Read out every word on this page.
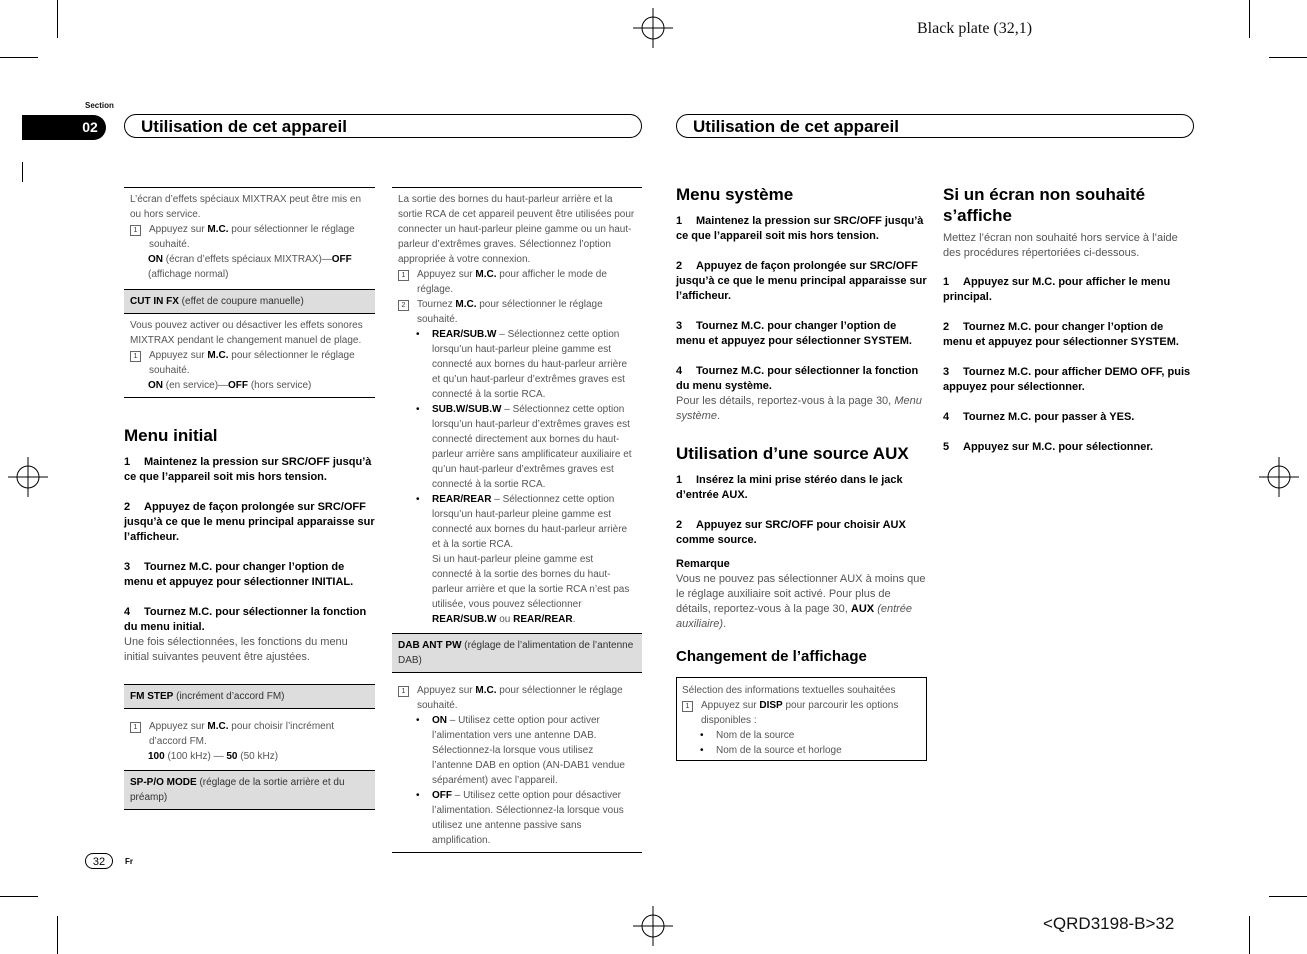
Black plate (32,1)
Section
02	Utilisation de cet appareil	Utilisation de cet appareil

L’écran d’effets spéciaux MIXTRAX peut être mis en ou hors service.

1	Appuyez sur M.C. pour sélectionner le réglage souhaité.
ON (écran d’effets spéciaux MIXTRAX)—OFF (affichage normal)
CUT IN FX (effet de coupure manuelle)

Vous pouvez activer ou désactiver les effets sonores MIXTRAX pendant le changement manuel de plage.

1	Appuyez sur M.C. pour sélectionner le réglage souhaité.
ON (en service)—OFF (hors service)
Menu initial
1 Maintenez la pression sur SRC/OFF jusqu’à ce que l’appareil soit mis hors tension.
2 Appuyez de façon prolongée sur SRC/OFF jusqu’à ce que le menu principal apparaisse sur l’afficheur.
3 Tournez M.C. pour changer l’option de menu et appuyez pour sélectionner INITIAL.
4 Tournez M.C. pour sélectionner la fonction du menu initial.

Une fois sélectionnées, les fonctions du menu initial suivantes peuvent être ajustées.

FM STEP (incrément d’accord FM)
1	Appuyez sur M.C. pour choisir l’incrément d’accord FM.
100 (100 kHz) — 50 (50 kHz)
SP-P/O MODE (réglage de la sortie arrière et du préamp)

La sortie des bornes du haut-parleur arrière et la sortie RCA de cet appareil peuvent être utilisées pour connecter un haut-parleur pleine gamme ou un haut-parleur d’extrêmes graves. Sélectionnez l’option appropriée à votre connexion.

1	Appuyez sur M.C. pour afficher le mode de réglage.
2	Tournez M.C. pour sélectionner le réglage souhaité.
•	REAR/SUB.W – Sélectionnez cette option lorsqu’un haut-parleur pleine gamme est connecté aux bornes du haut-parleur arrière et qu’un haut-parleur d’extrêmes graves est connecté à la sortie RCA.
•	SUB.W/SUB.W – Sélectionnez cette option lorsqu’un haut-parleur d’extrêmes graves est connecté directement aux bornes du haut-parleur arrière sans amplificateur auxiliaire et qu’un haut-parleur d’extrêmes graves est connecté à la sortie RCA.
•	REAR/REAR – Sélectionnez cette option lorsqu’un haut-parleur pleine gamme est connecté aux bornes du haut-parleur arrière et à la sortie RCA.
Si un haut-parleur pleine gamme est connecté à la sortie des bornes du haut-parleur arrière et que la sortie RCA n’est pas utilisée, vous pouvez sélectionner REAR/SUB.W ou REAR/REAR.
DAB ANT PW (réglage de l’alimentation de l’antenne DAB)
1	Appuyez sur M.C. pour sélectionner le réglage souhaité.
•	ON – Utilisez cette option pour activer l’alimentation vers une antenne DAB. Sélectionnez-la lorsque vous utilisez l’antenne DAB en option (AN-DAB1 vendue séparément) avec l’appareil.
•	OFF – Utilisez cette option pour désactiver l’alimentation. Sélectionnez-la lorsque vous utilisez une antenne passive sans amplification.
Menu système
1 Maintenez la pression sur SRC/OFF jusqu’à ce que l’appareil soit mis hors tension.
2 Appuyez de façon prolongée sur SRC/OFF jusqu’à ce que le menu principal apparaisse sur l’afficheur.
3 Tournez M.C. pour changer l’option de menu et appuyez pour sélectionner SYSTEM.
4 Tournez M.C. pour sélectionner la fonction du menu système.

Pour les détails, reportez-vous à la page 30, Menu système.

Utilisation d’une source AUX
1 Insérez la mini prise stéréo dans le jack d’entrée AUX.
2 Appuyez sur SRC/OFF pour choisir AUX comme source.
Remarque

Vous ne pouvez pas sélectionner AUX à moins que le réglage auxiliaire soit activé. Pour plus de détails, reportez-vous à la page 30, AUX (entrée auxiliaire).

Changement de l’affichage
Sélection des informations textuelles souhaitées
1	Appuyez sur DISP pour parcourir les options disponibles :
•	Nom de la source
•	Nom de la source et horloge
Si un écran non souhaité s’affiche

Mettez l’écran non souhaité hors service à l’aide des procédures répertoriées ci-dessous.

1 Appuyez sur M.C. pour afficher le menu principal.
2 Tournez M.C. pour changer l’option de menu et appuyez pour sélectionner SYSTEM.
3 Tournez M.C. pour afficher DEMO OFF, puis appuyez pour sélectionner.
4 Tournez M.C. pour passer à YES.
5 Appuyez sur M.C. pour sélectionner.
32	Fr
<QRD3198-B>32
